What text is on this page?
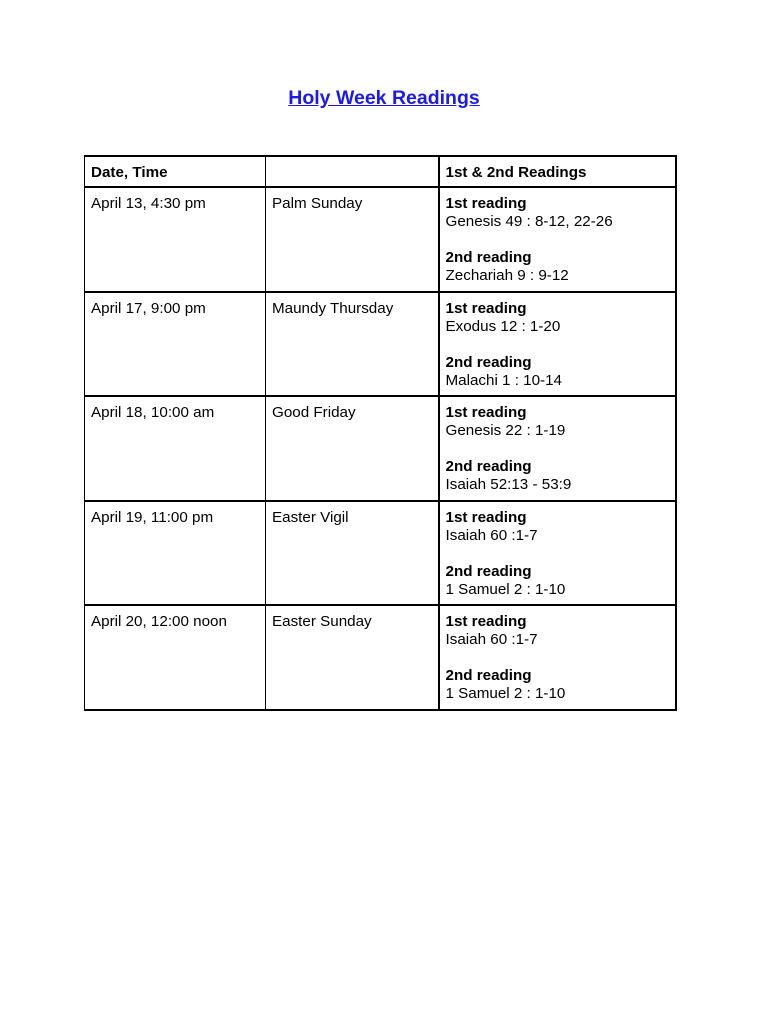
Holy Week Readings
Date, Time		1st & 2nd Readings
April 13, 4:30 pm	Palm Sunday	1st reading
Genesis 49 : 8-12, 22-26
2nd reading
Zechariah 9 : 9-12

April 17, 9:00 pm	Maundy Thursday	1st reading
Exodus 12 : 1-20
2nd reading
Malachi 1 : 10-14

April 18, 10:00 am	Good Friday	1st reading
Genesis 22 : 1-19
2nd reading
Isaiah 52:13 - 53:9

April 19, 11:00 pm	Easter Vigil	1st reading
Isaiah 60 :1-7
2nd reading
1 Samuel 2 : 1-10

April 20, 12:00 noon	Easter Sunday	1st reading
Isaiah 60 :1-7
2nd reading
1 Samuel 2 : 1-10
